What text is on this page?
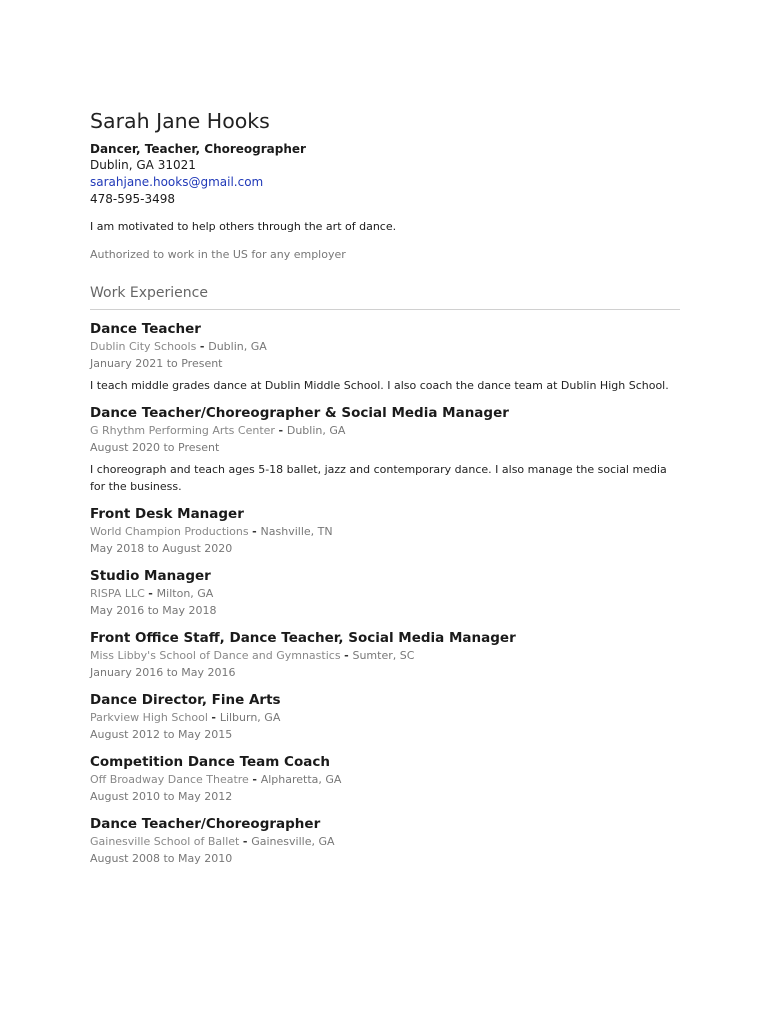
Sarah Jane Hooks
Dancer, Teacher, Choreographer
Dublin, GA 31021
sarahjane.hooks@gmail.com
478-595-3498
I am motivated to help others through the art of dance.
Authorized to work in the US for any employer
Work Experience
Dance Teacher
Dublin City Schools - Dublin, GA
January 2021 to Present
I teach middle grades dance at Dublin Middle School. I also coach the dance team at Dublin High School.
Dance Teacher/Choreographer & Social Media Manager
G Rhythm Performing Arts Center - Dublin, GA
August 2020 to Present
I choreograph and teach ages 5-18 ballet, jazz and contemporary dance. I also manage the social media for the business.
Front Desk Manager
World Champion Productions - Nashville, TN
May 2018 to August 2020
Studio Manager
RISPA LLC - Milton, GA
May 2016 to May 2018
Front Office Staff, Dance Teacher, Social Media Manager
Miss Libby's School of Dance and Gymnastics - Sumter, SC
January 2016 to May 2016
Dance Director, Fine Arts
Parkview High School - Lilburn, GA
August 2012 to May 2015
Competition Dance Team Coach
Off Broadway Dance Theatre - Alpharetta, GA
August 2010 to May 2012
Dance Teacher/Choreographer
Gainesville School of Ballet - Gainesville, GA
August 2008 to May 2010
